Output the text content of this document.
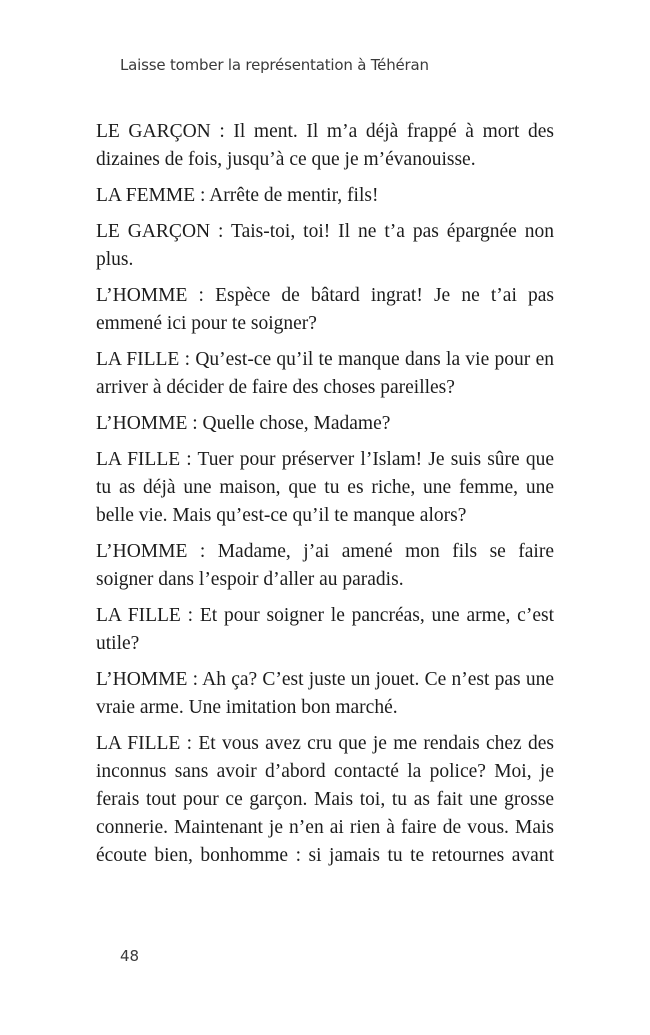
Laisse tomber la représentation à Téhéran

LE GARÇON : Il ment. Il m’a déjà frappé à mort des dizaines de fois, jusqu’à ce que je m’évanouisse.

LA FEMME : Arrête de mentir, fils!

LE GARÇON : Tais-toi, toi! Il ne t’a pas épargnée non plus.

L’HOMME : Espèce de bâtard ingrat! Je ne t’ai pas emmené ici pour te soigner?

LA FILLE : Qu’est-ce qu’il te manque dans la vie pour en arriver à décider de faire des choses pareilles?

L’HOMME : Quelle chose, Madame?

LA FILLE : Tuer pour préserver l’Islam! Je suis sûre que tu as déjà une maison, que tu es riche, une femme, une belle vie. Mais qu’est-ce qu’il te manque alors?

L’HOMME : Madame, j’ai amené mon fils se faire soigner dans l’espoir d’aller au paradis.

LA FILLE : Et pour soigner le pancréas, une arme, c’est utile?

L’HOMME : Ah ça? C’est juste un jouet. Ce n’est pas une vraie arme. Une imitation bon marché.

LA FILLE : Et vous avez cru que je me rendais chez des inconnus sans avoir d’abord contacté la police? Moi, je ferais tout pour ce garçon. Mais toi, tu as fait une grosse connerie. Maintenant je n’en ai rien à faire de vous. Mais écoute bien, bonhomme : si jamais tu te retournes avant

48
